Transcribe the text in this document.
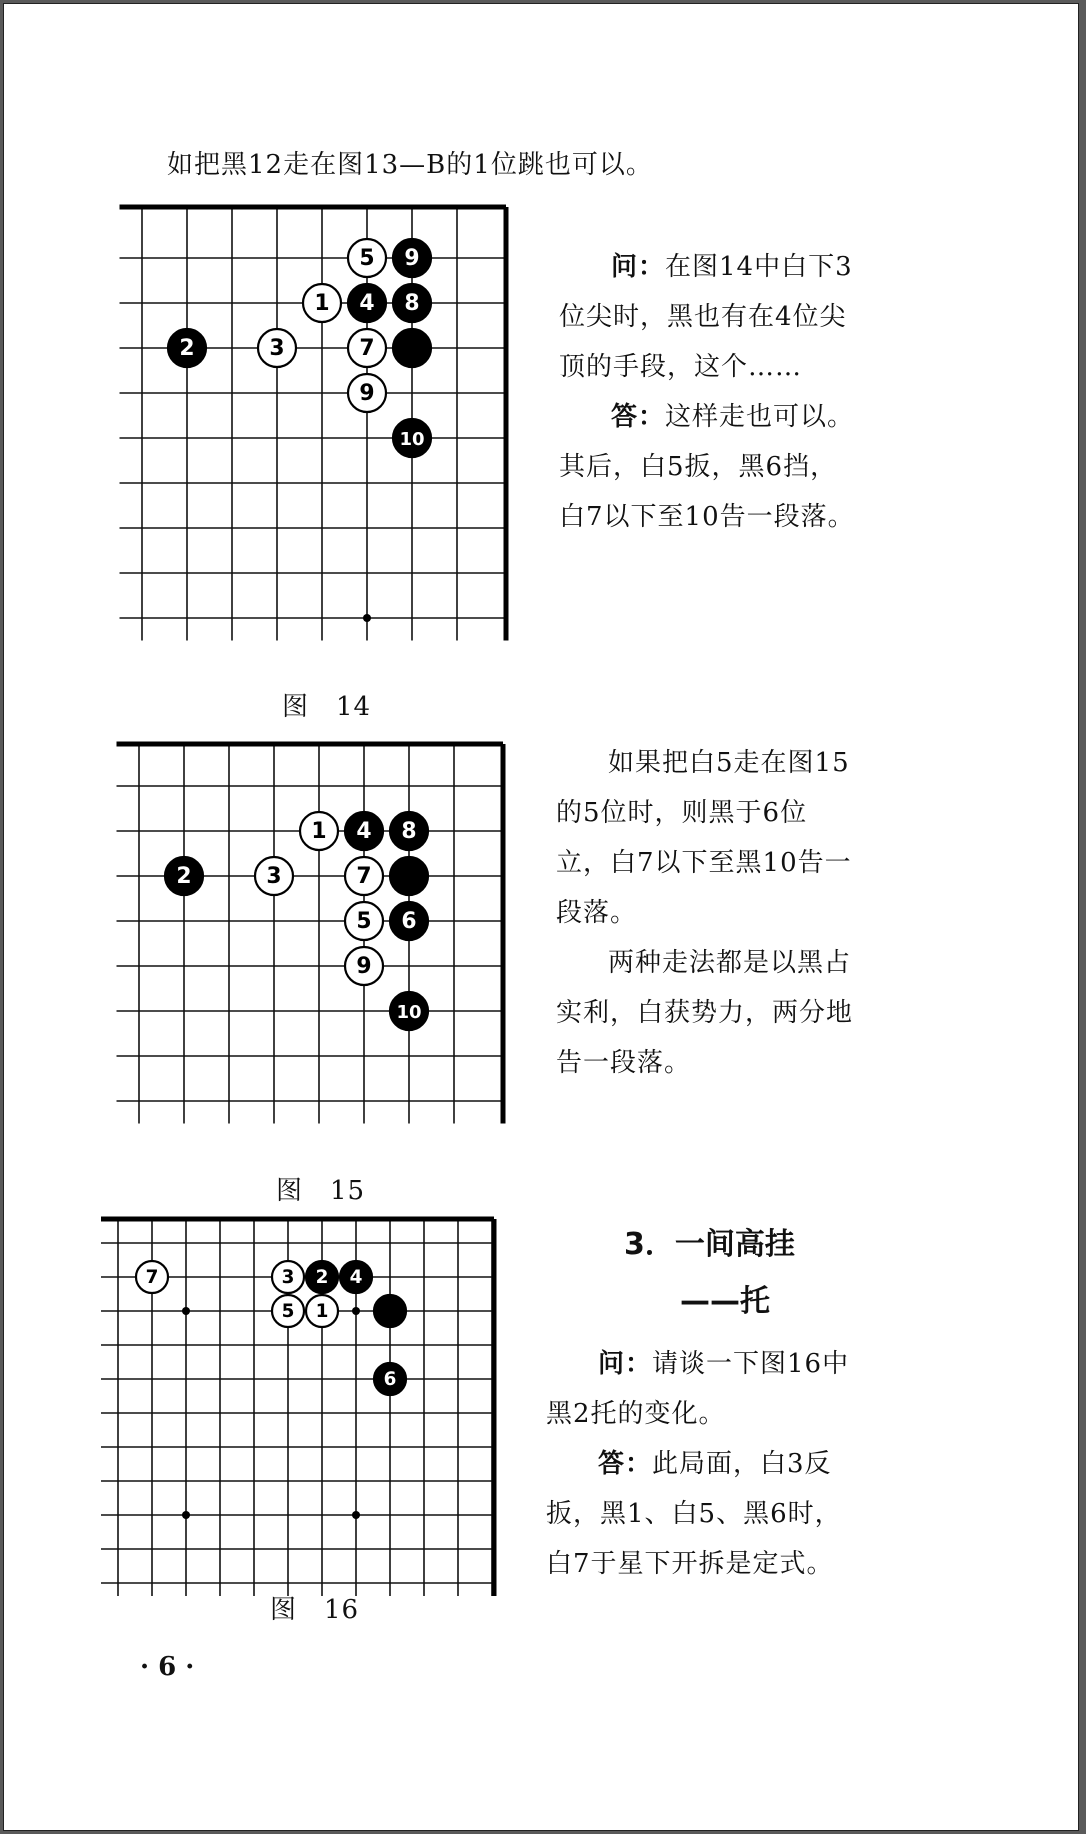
如把黑12走在图13—B的1位跳也可以。
5 9
1 4 8
2	3	7
9
10
图　14

问：在图14中白下3位尖时，黑也有在4位尖顶的手段，这个……

答：这样走也可以。其后，白5扳，黑6挡，白7以下至10告一段落。

1 4 8
2	3	7
5 6
9
10
图　15

如果把白5走在图15的5位时，则黑于6位立，白7以下至黑10告一段落。

两种走法都是以黑占实利，白获势力，两分地告一段落。

7	3 2 4
5 1
6
图　16
3．一间高挂
——托

问：请谈一下图16中黑2托的变化。

答：此局面，白3反扳，黑1、白5、黑6时，白7于星下开拆是定式。

· 6 ·
